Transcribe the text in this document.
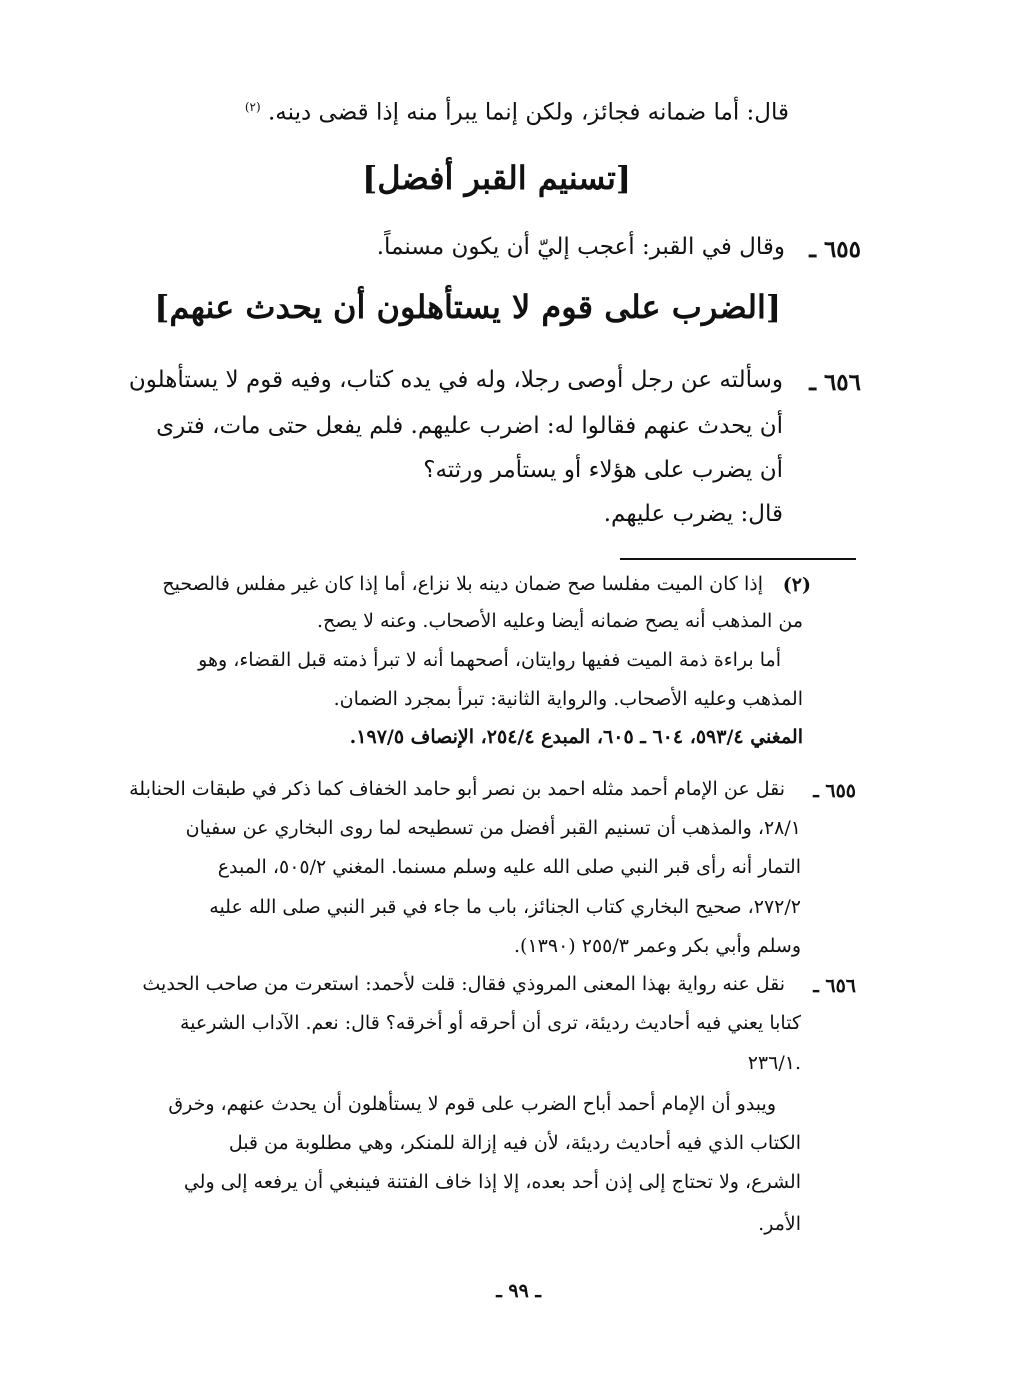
قال: أما ضمانه فجائز، ولكن إنما يبرأ منه إذا قضى دينه. $^{(٢)}$

[تسنيم القبر أفضل]
٦٥٥ ـ

وقال في القبر: أعجب إليّ أن يكون مسنماً.

[الضرب على قوم لا يستأهلون أن يحدث عنهم]
٦٥٦ ـ

وسألته عن رجل أوصى رجلا، وله في يده كتاب، وفيه قوم لا يستأهلون

أن يحدث عنهم فقالوا له: اضرب عليهم. فلم يفعل حتى مات، فترى

أن يضرب على هؤلاء أو يستأمر ورثته؟

قال: يضرب عليهم.

(٢)

إذا كان الميت مفلسا صح ضمان دينه بلا نزاع، أما إذا كان غير مفلس فالصحيح

من المذهب أنه يصح ضمانه أيضا وعليه الأصحاب. وعنه لا يصح.

أما براءة ذمة الميت ففيها روايتان، أصحهما أنه لا تبرأ ذمته قبل القضاء، وهو

المذهب وعليه الأصحاب. والرواية الثانية: تبرأ بمجرد الضمان.

المغني ٥٩٣/٤، ٦٠٤ ـ ٦٠٥، المبدع ٢٥٤/٤، الإنصاف ١٩٧/٥.

٦٥٥ ـ

نقل عن الإمام أحمد مثله احمد بن نصر أبو حامد الخفاف كما ذكر في طبقات الحنابلة

٢٨/١، والمذهب أن تسنيم القبر أفضل من تسطيحه لما روى البخاري عن سفيان

التمار أنه رأى قبر النبي صلى الله عليه وسلم مسنما. المغني ٥٠٥/٢، المبدع

٢٧٢/٢، صحيح البخاري كتاب الجنائز، باب ما جاء في قبر النبي صلى الله عليه

وسلم وأبي بكر وعمر ٢٥٥/٣ (١٣٩٠).

٦٥٦ ـ

نقل عنه رواية بهذا المعنى المروذي فقال: قلت لأحمد: استعرت من صاحب الحديث

كتابا يعني فيه أحاديث رديئة، ترى أن أحرقه أو أخرقه؟ قال: نعم. الآداب الشرعية

.٢٣٦/١

ويبدو أن الإمام أحمد أباح الضرب على قوم لا يستأهلون أن يحدث عنهم، وخرق

الكتاب الذي فيه أحاديث رديئة، لأن فيه إزالة للمنكر، وهي مطلوبة من قبل

الشرع، ولا تحتاج إلى إذن أحد بعده، إلا إذا خاف الفتنة فينبغي أن يرفعه إلى ولي

الأمر.

ـ ٩٩ ـ
